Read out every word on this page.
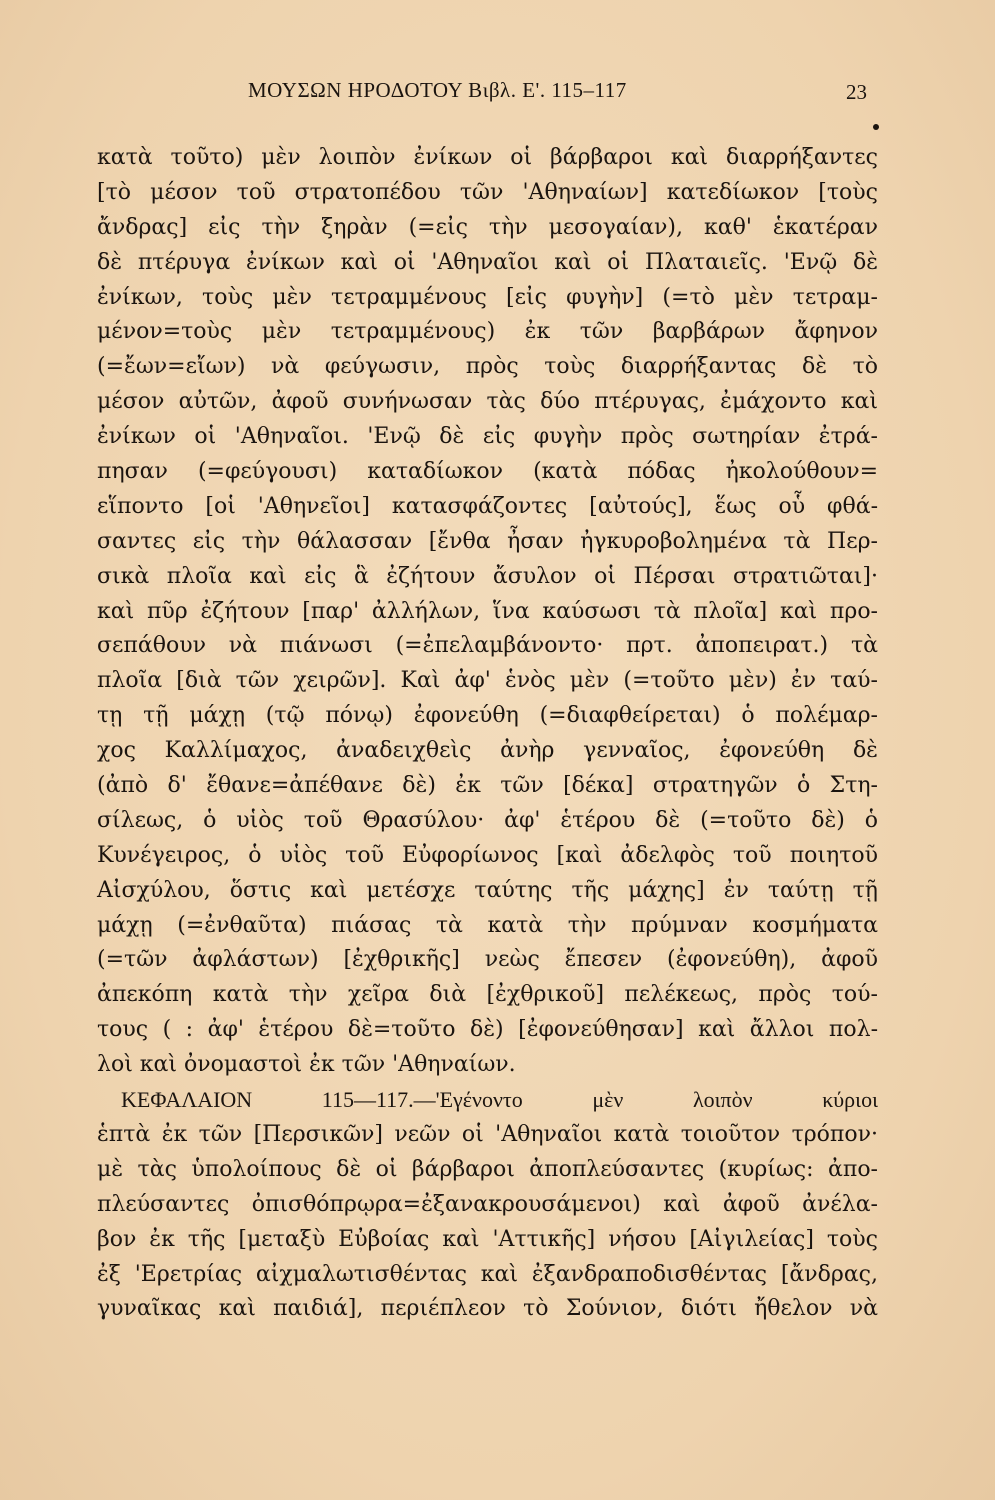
ΜΟΥΣΩΝ ΗΡΟΔΟΤΟΥ Βιβλ. Ε'. 115–117	23
κατὰ τοῦτο) μὲν λοιπὸν ἐνίκων οἱ βάρβαροι καὶ διαρρήξαντες
[τὸ μέσον τοῦ στρατοπέδου τῶν 'Αθηναίων] κατεδίωκον [τοὺς
ἄνδρας] εἰς τὴν ξηρὰν (=εἰς τὴν μεσογαίαν), καθ' ἑκατέραν
δὲ πτέρυγα ἐνίκων καὶ οἱ 'Αθηναῖοι καὶ οἱ Πλαταιεῖς. 'Ενῷ δὲ
ἐνίκων, τοὺς μὲν τετραμμένους [εἰς φυγὴν] (=τὸ μὲν τετραμ-
μένον=τοὺς μὲν τετραμμένους) ἐκ τῶν βαρβάρων ἄφηνον
(=ἔων=εἴων) νὰ φεύγωσιν, πρὸς τοὺς διαρρήξαντας δὲ τὸ
μέσον αὐτῶν, ἀφοῦ συνήνωσαν τὰς δύο πτέρυγας, ἐμάχοντο καὶ
ἐνίκων οἱ 'Αθηναῖοι. 'Ενῷ δὲ εἰς φυγὴν πρὸς σωτηρίαν ἐτρά-
πησαν (=φεύγουσι) καταδίωκον (κατὰ πόδας ἠκολούθουν=
εἵποντο [οἱ 'Αθηνεῖοι] κατασφάζοντες [αὐτούς], ἕως οὗ φθά-
σαντες εἰς τὴν θάλασσαν [ἔνθα ἦσαν ἠγκυροβολημένα τὰ Περ-
σικὰ πλοῖα καὶ εἰς ἃ ἐζήτουν ἄσυλον οἱ Πέρσαι στρατιῶται]·
καὶ πῦρ ἐζήτουν [παρ' ἀλλήλων, ἵνα καύσωσι τὰ πλοῖα] καὶ προ-
σεπάθουν νὰ πιάνωσι (=ἐπελαμβάνοντο· πρτ. ἀποπειρατ.) τὰ
πλοῖα [διὰ τῶν χειρῶν]. Καὶ ἀφ' ἑνὸς μὲν (=τοῦτο μὲν) ἐν ταύ-
τῃ τῇ μάχῃ (τῷ πόνῳ) ἐφονεύθη (=διαφθείρεται) ὁ πολέμαρ-
χος Καλλίμαχος, ἀναδειχθεὶς ἀνὴρ γενναῖος, ἐφονεύθη δὲ
(ἀπὸ δ' ἔθανε=ἀπέθανε δὲ) ἐκ τῶν [δέκα] στρατηγῶν ὁ Στη-
σίλεως, ὁ υἱὸς τοῦ Θρασύλου· ἀφ' ἑτέρου δὲ (=τοῦτο δὲ) ὁ
Κυνέγειρος, ὁ υἱὸς τοῦ Εὐφορίωνος [καὶ ἀδελφὸς τοῦ ποιητοῦ
Αἰσχύλου, ὅστις καὶ μετέσχε ταύτης τῆς μάχης] ἐν ταύτῃ τῇ
μάχῃ (=ἐνθαῦτα) πιάσας τὰ κατὰ τὴν πρύμναν κοσμήματα
(=τῶν ἀφλάστων) [ἐχθρικῆς] νεὼς ἔπεσεν (ἐφονεύθη), ἀφοῦ
ἀπεκόπη κατὰ τὴν χεῖρα διὰ [ἐχθρικοῦ] πελέκεως, πρὸς τού-
τους ( : ἀφ' ἑτέρου δὲ=τοῦτο δὲ) [ἐφονεύθησαν] καὶ ἄλλοι πολ-
λοὶ καὶ ὀνομαστοὶ ἐκ τῶν 'Αθηναίων.
ΚΕΦΑΛΑΙΟΝ 115—117.—'Εγένοντο μὲν λοιπὸν κύριοι
ἑπτὰ ἐκ τῶν [Περσικῶν] νεῶν οἱ 'Αθηναῖοι κατὰ τοιοῦτον τρόπον·
μὲ τὰς ὑπολοίπους δὲ οἱ βάρβαροι ἀποπλεύσαντες (κυρίως: ἀπο-
πλεύσαντες ὀπισθόπρῳρα=ἐξανακρουσάμενοι) καὶ ἀφοῦ ἀνέλα-
βον ἐκ τῆς [μεταξὺ Εὐβοίας καὶ 'Αττικῆς] νήσου [Αἰγιλείας] τοὺς
ἐξ 'Ερετρίας αἰχμαλωτισθέντας καὶ ἐξανδραποδισθέντας [ἄνδρας,
γυναῖκας καὶ παιδιά], περιέπλεον τὸ Σούνιον, διότι ἤθελον νὰ
